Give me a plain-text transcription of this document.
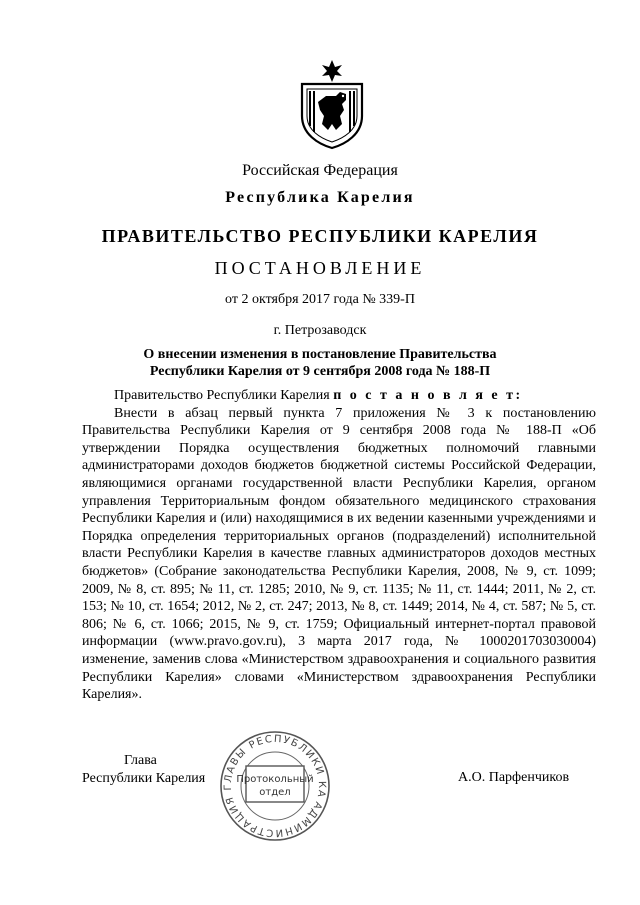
Российская Федерация
Республика Карелия
ПРАВИТЕЛЬСТВО РЕСПУБЛИКИ КАРЕЛИЯ
ПОСТАНОВЛЕНИЕ
от 2 октября 2017 года № 339-П
г. Петрозаводск
О внесении изменения в постановление Правительства
Республики Карелия от 9 сентября 2008 года № 188-П

Правительство Республики Карелия п о с т а н о в л я е т:

Внести в абзац первый пункта 7 приложения № 3 к постановлению Правительства Республики Карелия от 9 сентября 2008 года № 188-П «Об утверждении Порядка осуществления бюджетных полномочий главными администраторами доходов бюджетов бюджетной системы Российской Федерации, являющимися органами государственной власти Республики Карелия, органом управления Территориальным фондом обязательного медицинского страхования Республики Карелия и (или) находящимися в их ведении казенными учреждениями и Порядка определения территориальных органов (подразделений) исполнительной власти Республики Карелия в качестве главных администраторов доходов местных бюджетов» (Собрание законодательства Республики Карелия, 2008, № 9, ст. 1099; 2009, № 8, ст. 895; № 11, ст. 1285; 2010, № 9, ст. 1135; № 11, ст. 1444; 2011, № 2, ст. 153; № 10, ст. 1654; 2012, № 2, ст. 247; 2013, № 8, ст. 1449; 2014, № 4, ст. 587; № 5, ст. 806; № 6, ст. 1066; 2015, № 9, ст. 1759; Официальный интернет-портал правовой информации (www.pravo.gov.ru), 3 марта 2017 года, № 1000201703030004) изменение, заменив слова «Министерством здравоохранения и социального развития Республики Карелия» словами «Министерством здравоохранения Республики Карелия».

Глава
Республики Карелия	А.О. Парфенчиков
АДМИНИСТРАЦИЯ ГЛАВЫ РЕСПУБЛИКИ КАРЕЛИЯ
Протокольный
отдел
